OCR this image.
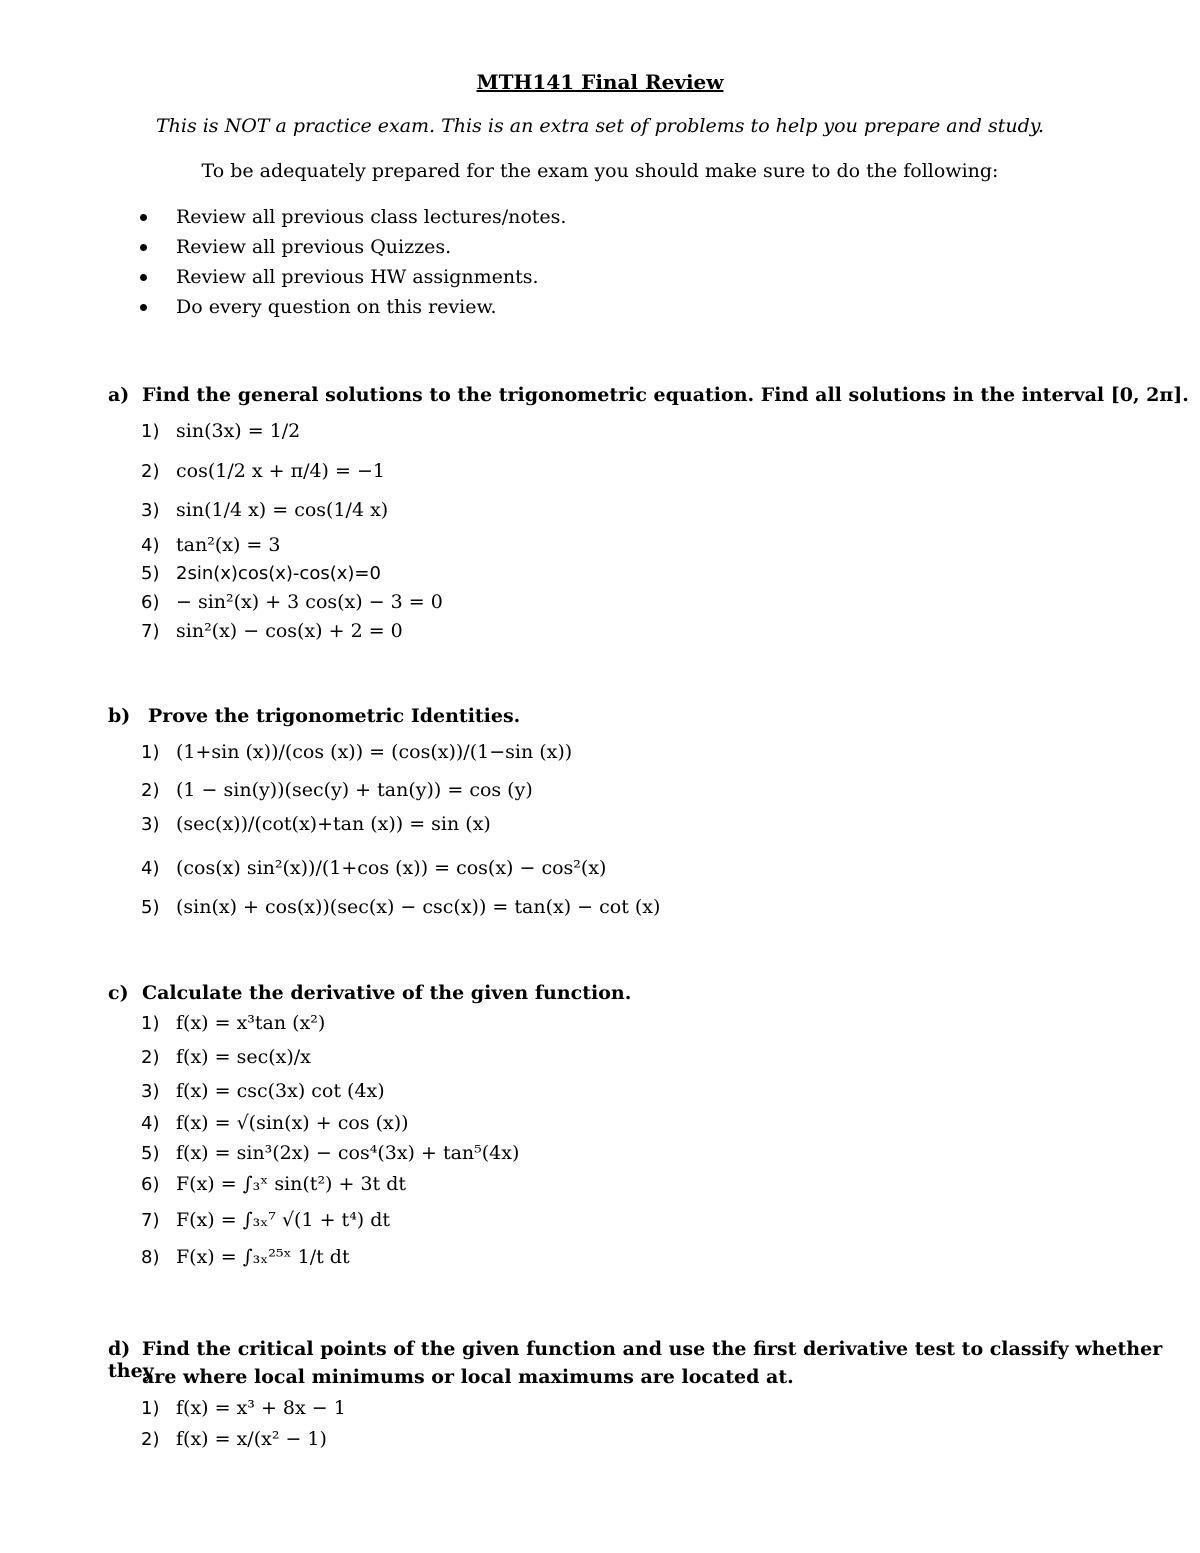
MTH141 Final Review
This is NOT a practice exam. This is an extra set of problems to help you prepare and study.
To be adequately prepared for the exam you should make sure to do the following:
Review all previous class lectures/notes.
Review all previous Quizzes.
Review all previous HW assignments.
Do every question on this review.
a) Find the general solutions to the trigonometric equation. Find all solutions in the interval [0, 2π].
1) sin(3x) = 1/2
2) cos(1/2 x + π/4) = −1
3) sin(1/4 x) = cos(1/4 x)
4) tan²(x) = 3
5) 2sin(x)cos(x)-cos(x)=0
6) − sin²(x) + 3 cos(x) − 3 = 0
7) sin²(x) − cos(x) + 2 = 0
b) Prove the trigonometric Identities.
1) (1+sin (x))/(cos (x)) = (cos(x))/(1−sin (x))
2) (1 − sin(y))(sec(y) + tan(y)) = cos (y)
3) (sec(x))/(cot(x)+tan (x)) = sin (x)
4) (cos(x) sin²(x))/(1+cos (x)) = cos(x) − cos²(x)
5) (sin(x) + cos(x))(sec(x) − csc(x)) = tan(x) − cot (x)
c) Calculate the derivative of the given function.
1) f(x) = x³tan (x²)
2) f(x) = sec(x)/x
3) f(x) = csc(3x) cot (4x)
4) f(x) = √(sin(x) + cos (x))
5) f(x) = sin³(2x) − cos⁴(3x) + tan⁵(4x)
6) F(x) = ∫₃ˣ sin(t²) + 3t dt
7) F(x) = ∫₃ₓ⁷ √(1 + t⁴) dt
8) F(x) = ∫₃ₓ²⁵ˣ 1/t dt
d) Find the critical points of the given function and use the first derivative test to classify whether they
are where local minimums or local maximums are located at.
1) f(x) = x³ + 8x − 1
2) f(x) = x/(x² − 1)
